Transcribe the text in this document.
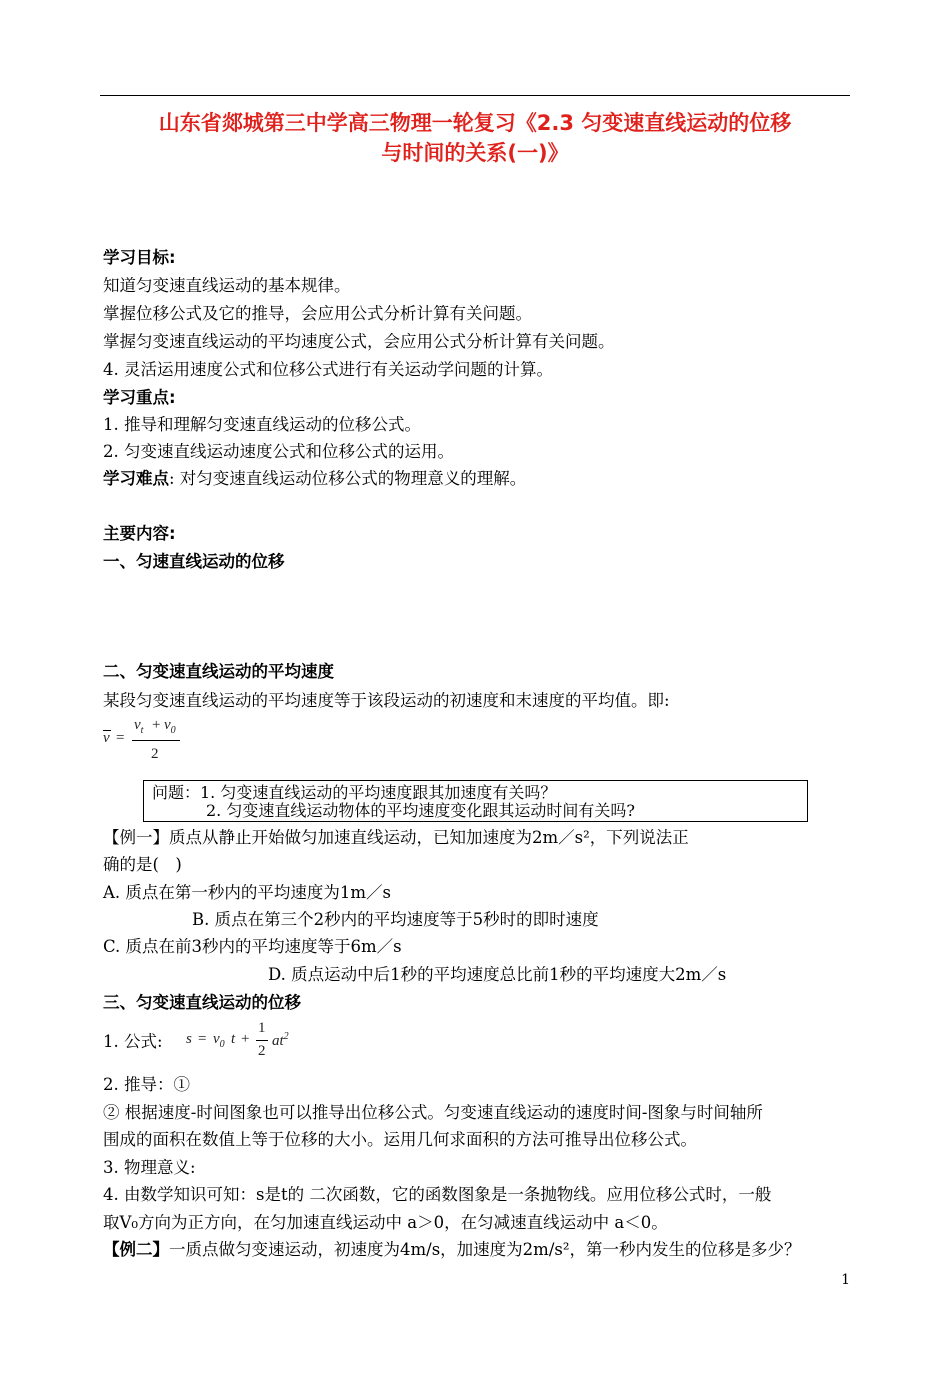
山东省郯城第三中学高三物理一轮复习《2.3 匀变速直线运动的位移
与时间的关系(一)》
学习目标:
知道匀变速直线运动的基本规律。
掌握位移公式及它的推导，会应用公式分析计算有关问题。
掌握匀变速直线运动的平均速度公式，会应用公式分析计算有关问题。
4. 灵活运用速度公式和位移公式进行有关运动学问题的计算。
学习重点:
1. 推导和理解匀变速直线运动的位移公式。
2. 匀变速直线运动速度公式和位移公式的运用。
学习难点: 对匀变速直线运动位移公式的物理意义的理解。
主要内容:
一、匀速直线运动的位移
二、匀变速直线运动的平均速度
某段匀变速直线运动的平均速度等于该段运动的初速度和末速度的平均值。即:
v =
$v_t + v_0$
2
问题：1. 匀变速直线运动的平均速度跟其加速度有关吗？
2. 匀变速直线运动物体的平均速度变化跟其运动时间有关吗?
【例一】质点从静止开始做匀加速直线运动，已知加速度为2m／s²，下列说法正
确的是(　)
A. 质点在第一秒内的平均速度为1m／s
B. 质点在第三个2秒内的平均速度等于5秒时的即时速度
C. 质点在前3秒内的平均速度等于6m／s
D. 质点运动中后1秒的平均速度总比前1秒的平均速度大2m／s
三、匀变速直线运动的位移
1. 公式: $s = v_0$ t +
1
2
$at^2$
2. 推导：①
② 根据速度-时间图象也可以推导出位移公式。匀变速直线运动的速度时间-图象与时间轴所
围成的面积在数值上等于位移的大小。运用几何求面积的方法可推导出位移公式。
3. 物理意义:
4. 由数学知识可知：s是t的 二次函数，它的函数图象是一条抛物线。应用位移公式时，一般
取V₀方向为正方向，在匀加速直线运动中 a＞0，在匀减速直线运动中 a＜0。
【例二】一质点做匀变速运动，初速度为4m/s，加速度为2m/s²，第一秒内发生的位移是多少？
1
